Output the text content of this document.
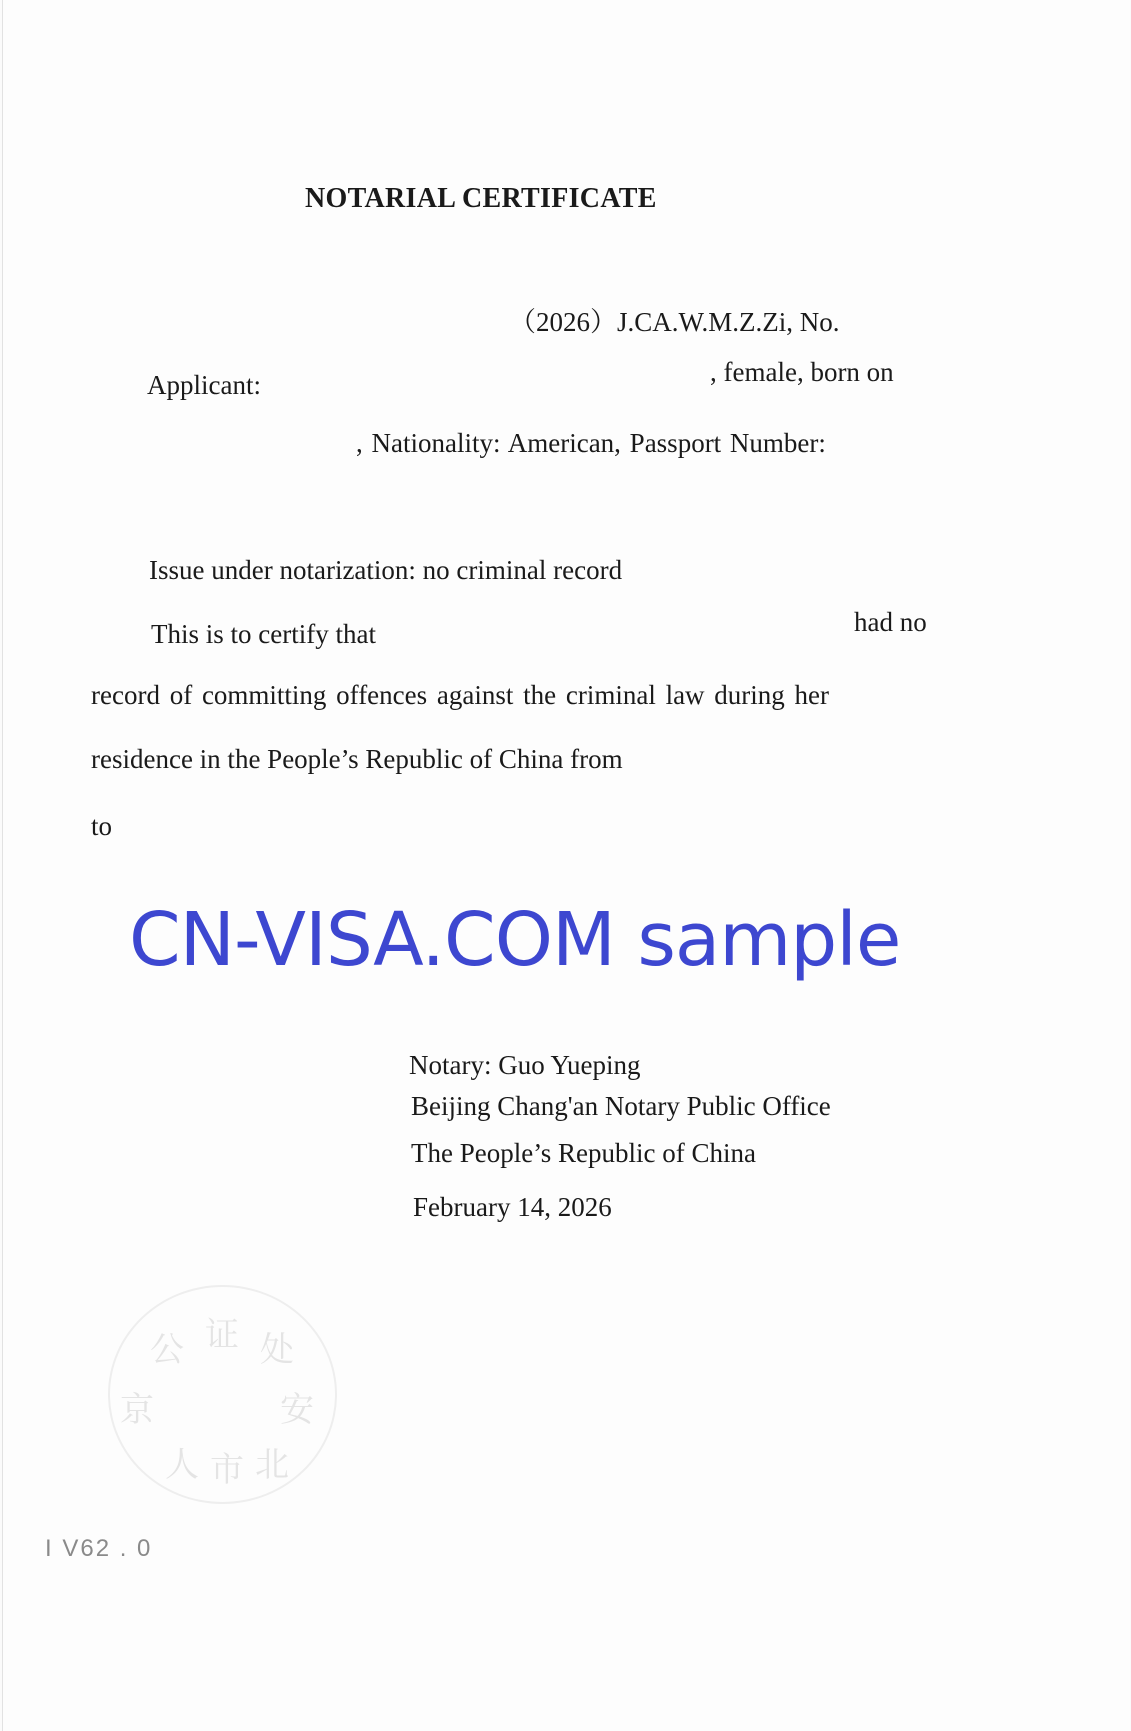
NOTARIAL CERTIFICATE
（2026）J.CA.W.M.Z.Zi, No.
Applicant:	, female, born on
, Nationality: American, Passport Number:
Issue under notarization: no criminal record
This is to certify that	had no
record of committing offences against the criminal law during her
residence in the People’s Republic of China from
to
CN-VISA.COM sample
Notary: Guo Yueping
Beijing Chang'an Notary Public Office
The People’s Republic of China
February 14, 2026
公 证 处
京	安
人 市 北
I V62 . 0
